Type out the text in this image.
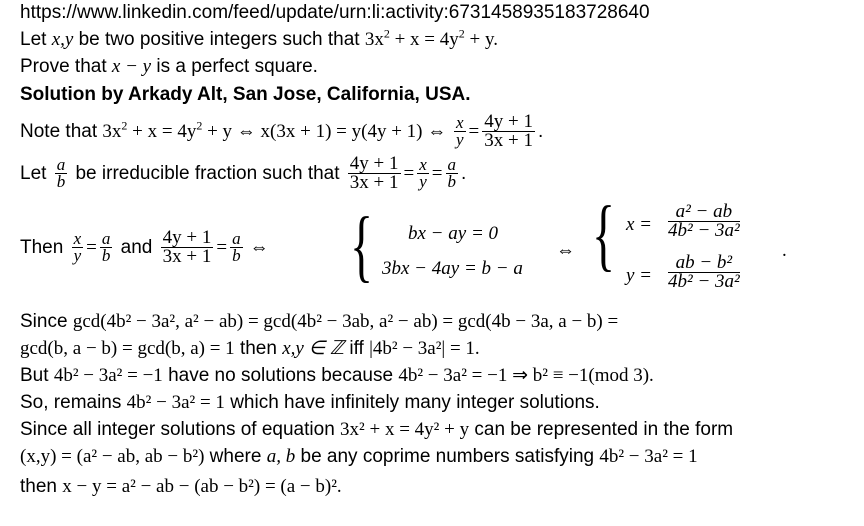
https://www.linkedin.com/feed/update/urn:li:activity:6731458935183728640
Let x,y be two positive integers such that $3x^2 + x = 4y^2 + y$.
Prove that x − y is a perfect square.
Solution by Arkady Alt, San Jose, California, USA.
Note that $3x^2 + x = 4y^2 + y$ ⇔ x(3x + 1) = y(4y + 1) ⇔ $\frac{x}{y} = \frac{4y + 1}{3x + 1}$ .
Let $\frac{a}{b}$ be irreducible fraction such that $\frac{4y + 1}{3x + 1} = \frac{x}{y} = \frac{a}{b}$ .
Then $\frac{x}{y} = \frac{a}{b}$ and $\frac{4y + 1}{3x + 1} = \frac{a}{b}$ ⇔ { bx − ay = 0
3bx − 4ay = b − a
⇔ { $x = \frac{\text{a² − ab}}{\text{4b² − 3a²}}$
$y = \frac{\text{ab − b²}}{\text{4b² − 3a²}}$
.
Since gcd(4b² − 3a², a² − ab) = gcd(4b² − 3ab, a² − ab) = gcd(4b − 3a, a − b) =
gcd(b, a − b) = gcd(b, a) = 1 then x,y ∈ ℤ iff |4b² − 3a²| = 1.
But 4b² − 3a² = −1 have no solutions because 4b² − 3a² = −1 ⇒ b² ≡ −1(mod 3).
So, remains 4b² − 3a² = 1 which have infinitely many integer solutions.
Since all integer solutions of equation 3x² + x = 4y² + y can be represented in the form
(x,y) = (a² − ab, ab − b²) where a, b be any coprime numbers satisfying 4b² − 3a² = 1
then x − y = a² − ab − (ab − b²) = (a − b)².
